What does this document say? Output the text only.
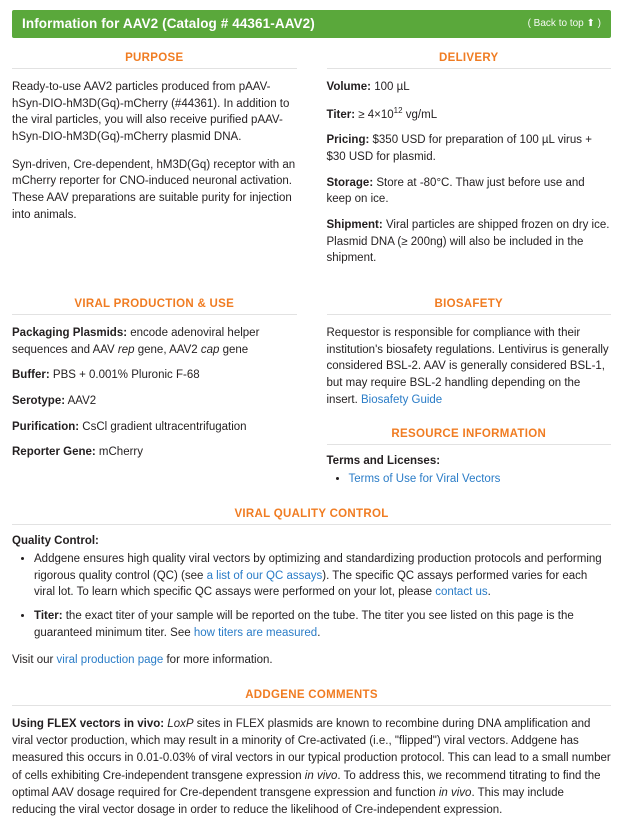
Information for AAV2 (Catalog # 44361-AAV2)	( Back to top ⬆ )
PURPOSE

Ready-to-use AAV2 particles produced from pAAV-hSyn-DIO-hM3D(Gq)-mCherry (#44361). In addition to the viral particles, you will also receive purified pAAV-hSyn-DIO-hM3D(Gq)-mCherry plasmid DNA.

Syn-driven, Cre-dependent, hM3D(Gq) receptor with an mCherry reporter for CNO-induced neuronal activation. These AAV preparations are suitable purity for injection into animals.

DELIVERY
Volume: 100 µL
Titer: ≥ $4\times 10^{12}$ vg/mL
Pricing: $350 USD for preparation of 100 µL virus + $30 USD for plasmid.
Storage: Store at -80°C. Thaw just before use and keep on ice.
Shipment: Viral particles are shipped frozen on dry ice. Plasmid DNA (≥ 200ng) will also be included in the shipment.
VIRAL PRODUCTION & USE
Packaging Plasmids: encode adenoviral helper sequences and AAV rep gene, AAV2 cap gene
Buffer: PBS + 0.001% Pluronic F-68
Serotype: AAV2
Purification: CsCl gradient ultracentrifugation
Reporter Gene: mCherry
BIOSAFETY

Requestor is responsible for compliance with their institution's biosafety regulations. Lentivirus is generally considered BSL-2. AAV is generally considered BSL-1, but may require BSL-2 handling depending on the insert. Biosafety Guide

RESOURCE INFORMATION
Terms and Licenses:
• Terms of Use for Viral Vectors
VIRAL QUALITY CONTROL
Quality Control:
• Addgene ensures high quality viral vectors by optimizing and standardizing production protocols and performing rigorous quality control (QC) (see a list of our QC assays). The specific QC assays performed varies for each viral lot. To learn which specific QC assays were performed on your lot, please contact us.
• Titer: the exact titer of your sample will be reported on the tube. The titer you see listed on this page is the guaranteed minimum titer. See how titers are measured.

Visit our viral production page for more information.

ADDGENE COMMENTS

Using FLEX vectors in vivo: LoxP sites in FLEX plasmids are known to recombine during DNA amplification and viral vector production, which may result in a minority of Cre-activated (i.e., "flipped") viral vectors. Addgene has measured this occurs in 0.01-0.03% of viral vectors in our typical production protocol. This can lead to a small number of cells exhibiting Cre-independent transgene expression in vivo. To address this, we recommend titrating to find the optimal AAV dosage required for Cre-dependent transgene expression and function in vivo. This may include reducing the viral vector dosage in order to reduce the likelihood of Cre-independent expression.
